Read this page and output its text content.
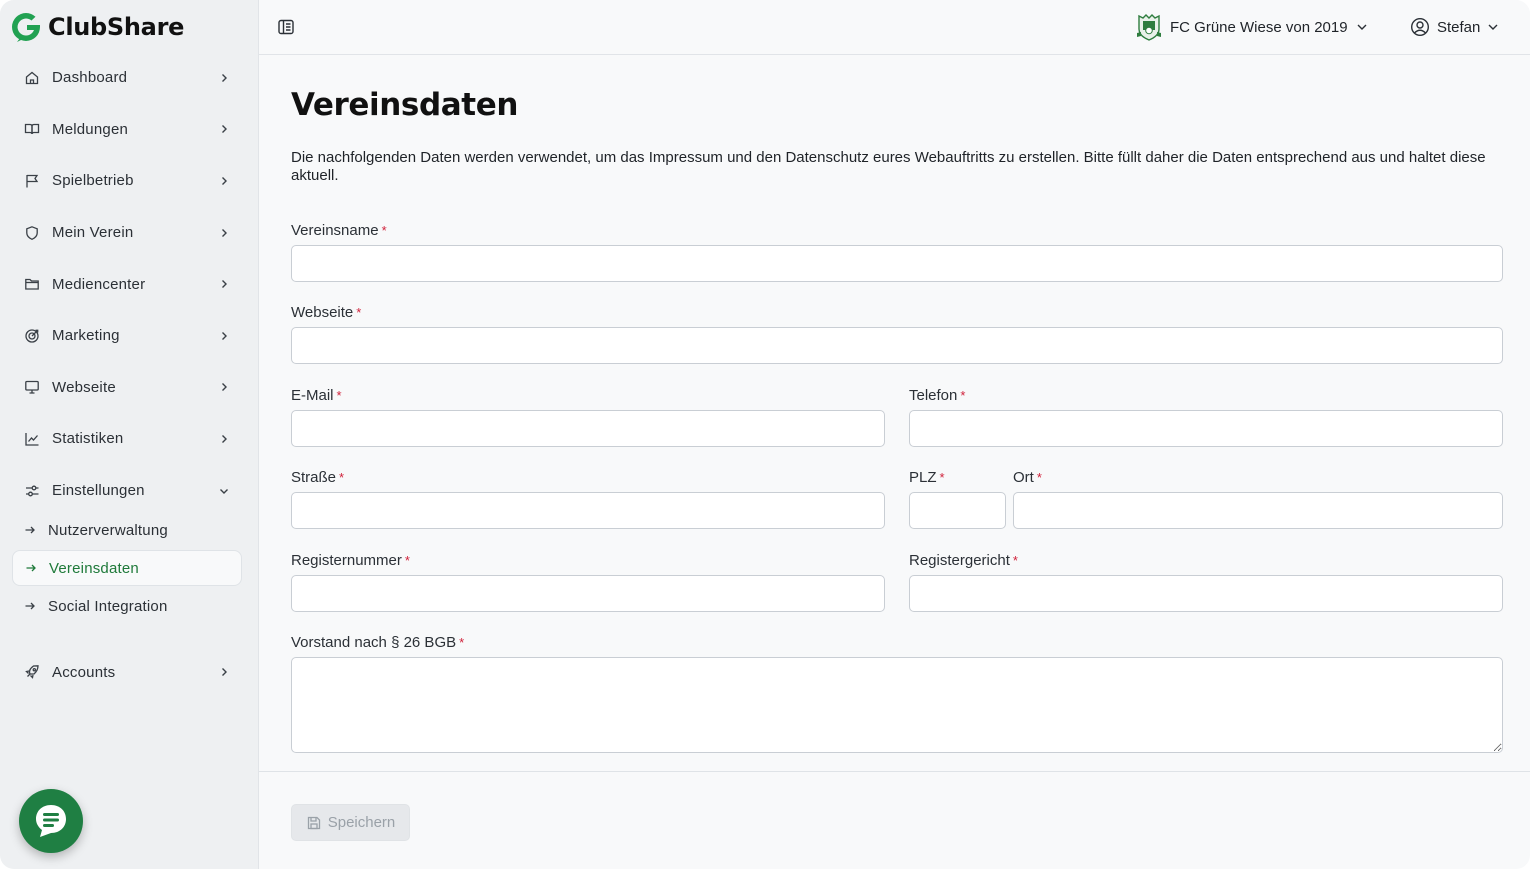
ClubShare
Dashboard
Meldungen
Spielbetrieb
Mein Verein
Mediencenter
Marketing
Webseite
Statistiken
Einstellungen
Nutzerverwaltung
Vereinsdaten
Social Integration
Accounts
FC Grüne Wiese von 2019	Stefan
Vereinsdaten

Die nachfolgenden Daten werden verwendet, um das Impressum und den Datenschutz eures Webauftritts zu erstellen. Bitte füllt daher die Daten entsprechend aus und haltet diese aktuell.

Vereinsname *
Webseite *
E-Mail *	Telefon *
Straße *	PLZ *	Ort *
Registernummer *	Registergericht *
Vorstand nach § 26 BGB *
Speichern
